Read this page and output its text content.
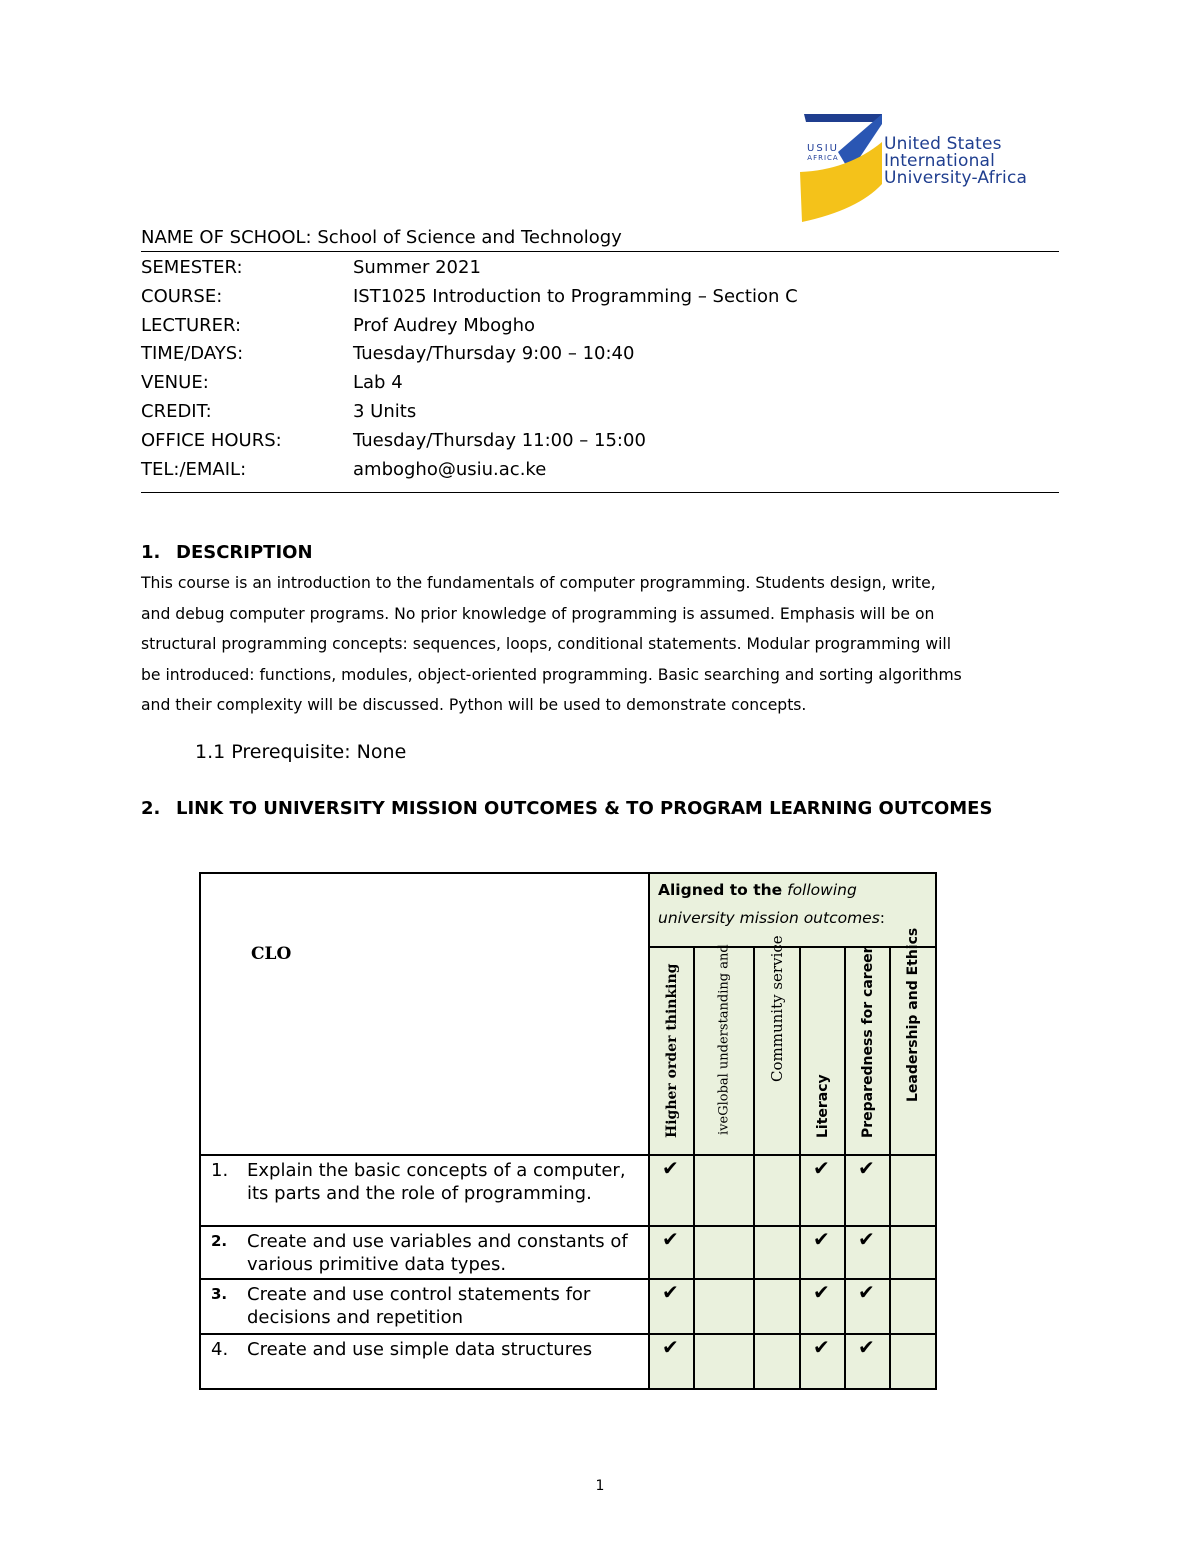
USIU
AFRICA
United States
International
University-Africa
NAME OF SCHOOL: School of Science and Technology
SEMESTER:	Summer 2021
COURSE:	IST1025 Introduction to Programming – Section C
LECTURER:	Prof Audrey Mbogho
TIME/DAYS:	Tuesday/Thursday 9:00 – 10:40
VENUE:	Lab 4
CREDIT:	3 Units
OFFICE HOURS:	Tuesday/Thursday 11:00 – 15:00
TEL:/EMAIL:	ambogho@usiu.ac.ke
1. DESCRIPTION
This course is an introduction to the fundamentals of computer programming. Students design, write,
and debug computer programs. No prior knowledge of programming is assumed. Emphasis will be on
structural programming concepts: sequences, loops, conditional statements. Modular programming will
be introduced: functions, modules, object-oriented programming. Basic searching and sorting algorithms
and their complexity will be discussed. Python will be used to demonstrate concepts.
1.1 Prerequisite: None
2. LINK TO UNIVERSITY MISSION OUTCOMES & TO PROGRAM LEARNING OUTCOMES
CLO	Aligned to the following
university mission outcomes:					

	Higher order thinking	iveGlobal understanding and	Community service	Literacy	Preparedness for career	Leadership and Ethics

1. Explain the basic concepts of a computer, its parts and the role of programming.	✔			✔	✔	

2. Create and use variables and constants of various primitive data types.	✔			✔	✔	

3. Create and use control statements for decisions and repetition	✔			✔	✔	

4. Create and use simple data structures	✔			✔	✔	

1
